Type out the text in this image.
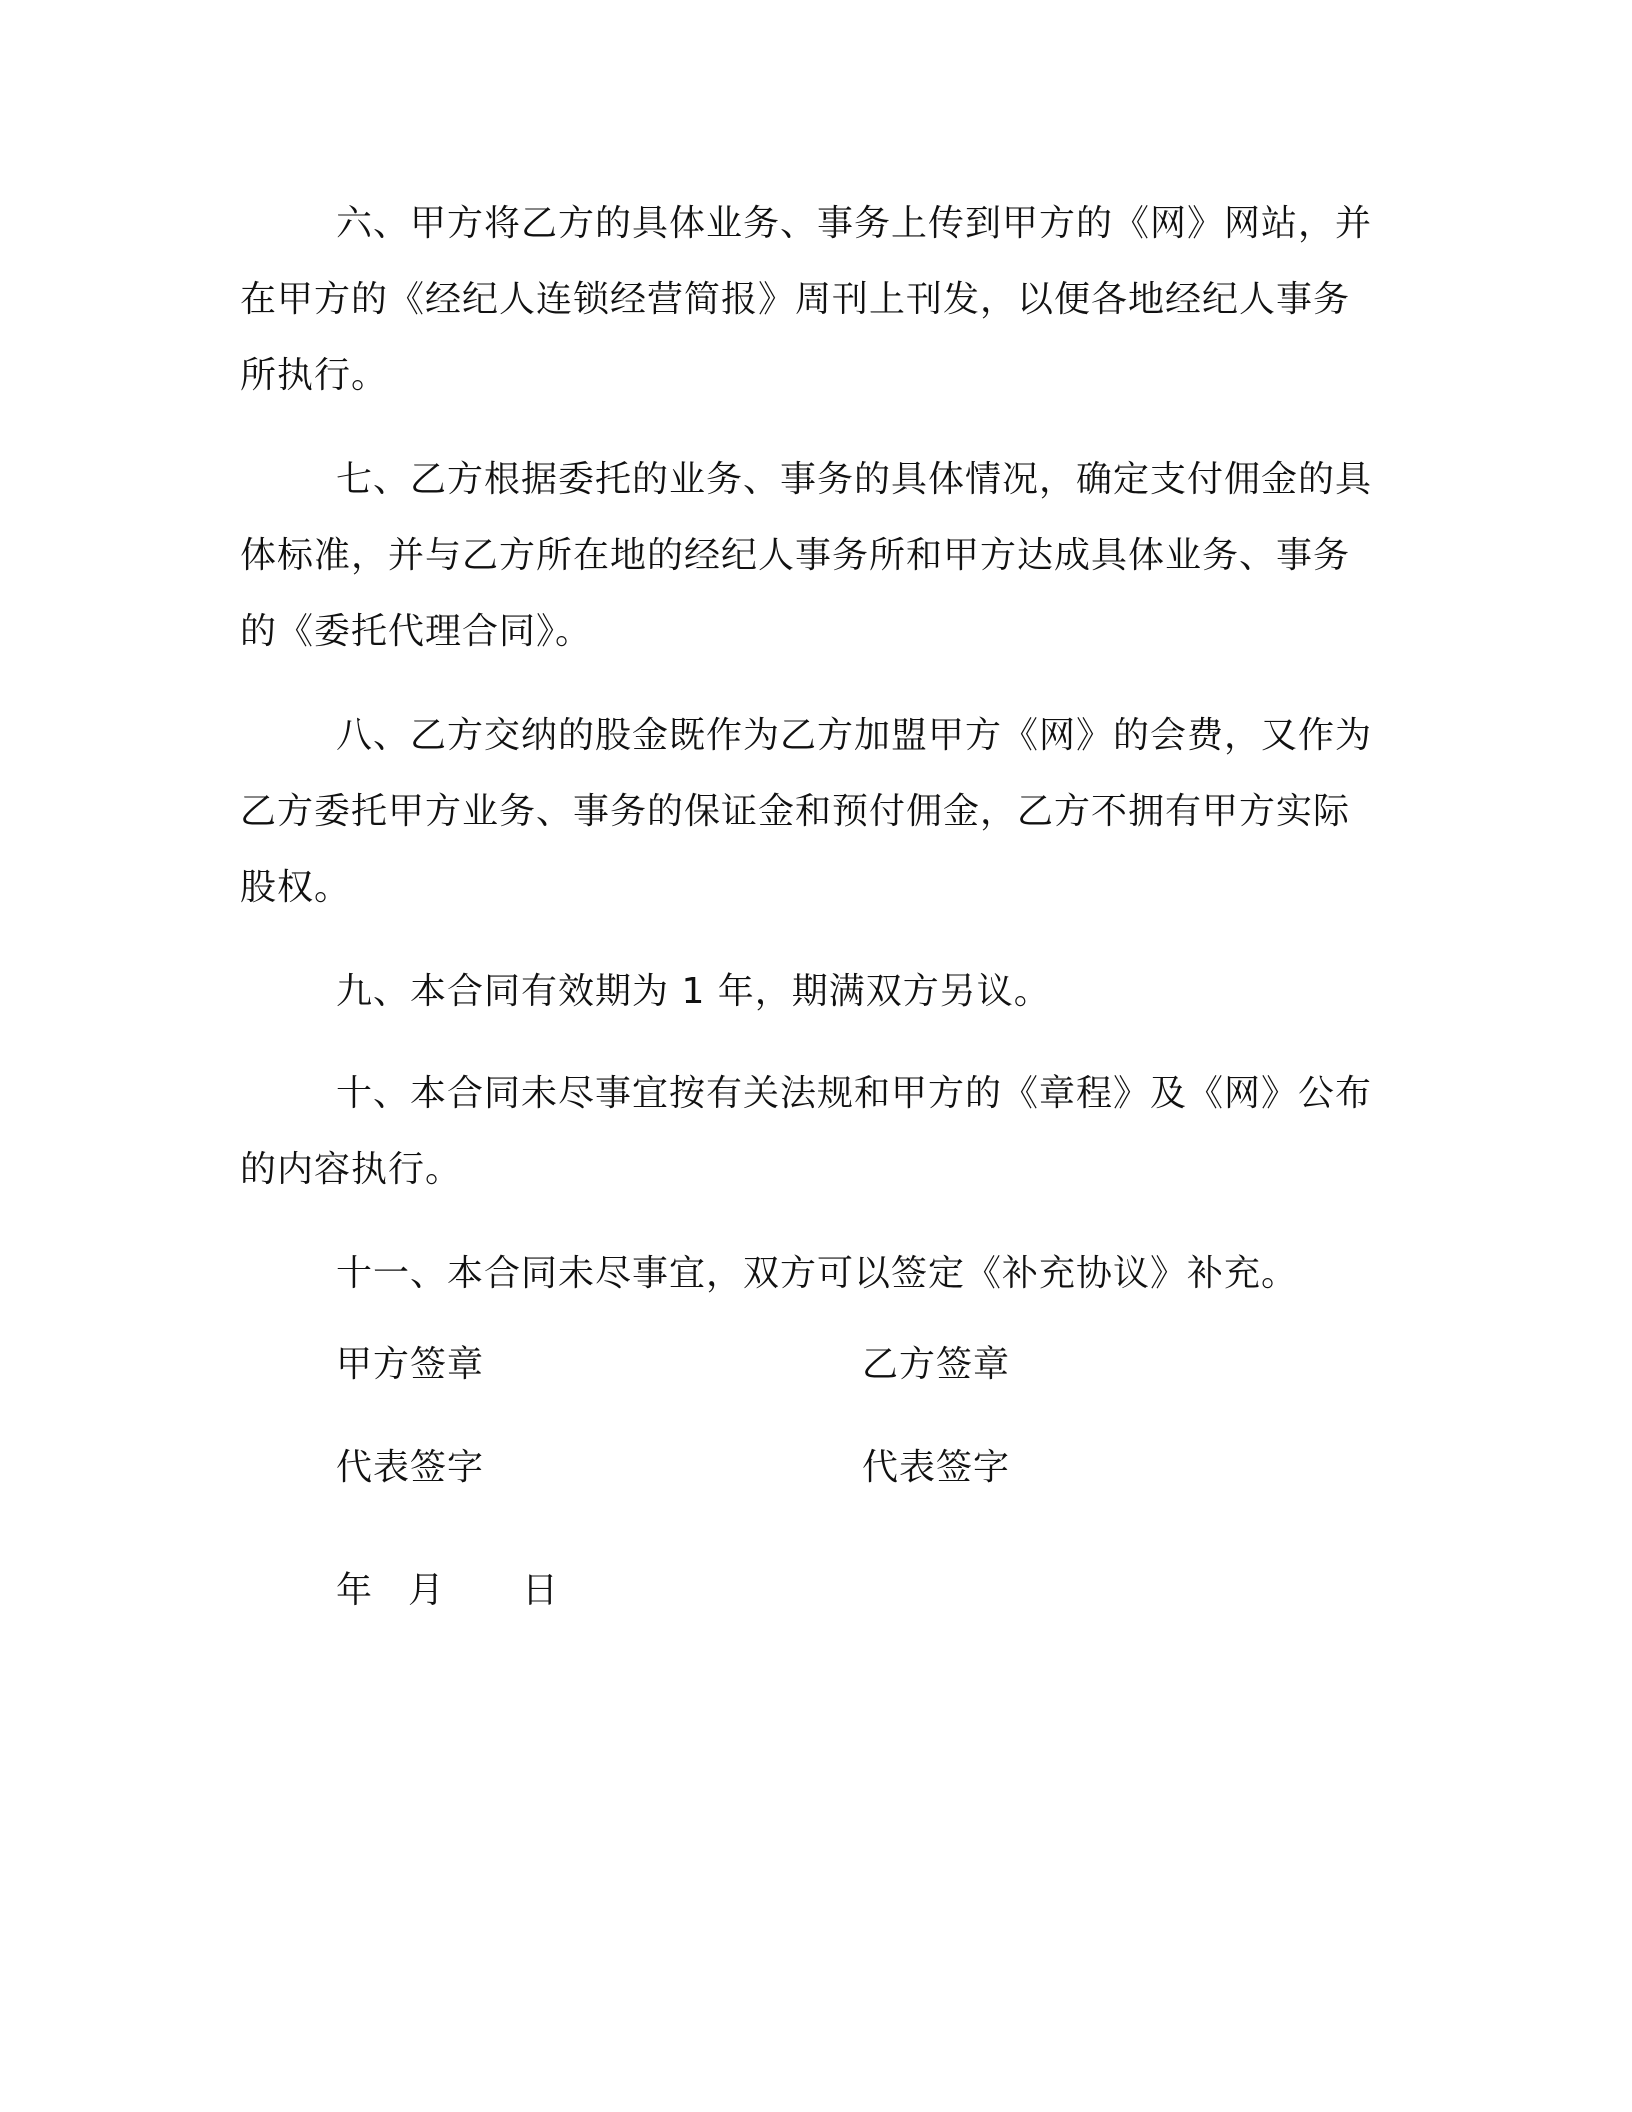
六、甲方将乙方的具体业务、事务上传到甲方的《网》网站，并在甲方的《经纪人连锁经营简报》周刊上刊发，以便各地经纪人事务所执行。

七、乙方根据委托的业务、事务的具体情况，确定支付佣金的具体标准，并与乙方所在地的经纪人事务所和甲方达成具体业务、事务的《委托代理合同》。

八、乙方交纳的股金既作为乙方加盟甲方《网》的会费，又作为乙方委托甲方业务、事务的保证金和预付佣金，乙方不拥有甲方实际股权。

九、本合同有效期为 1 年，期满双方另议。

十、本合同未尽事宜按有关法规和甲方的《章程》及《网》公布的内容执行。

十一、本合同未尽事宜，双方可以签定《补充协议》补充。

甲方签章	乙方签章

代表签字	代表签字

年 月 日
